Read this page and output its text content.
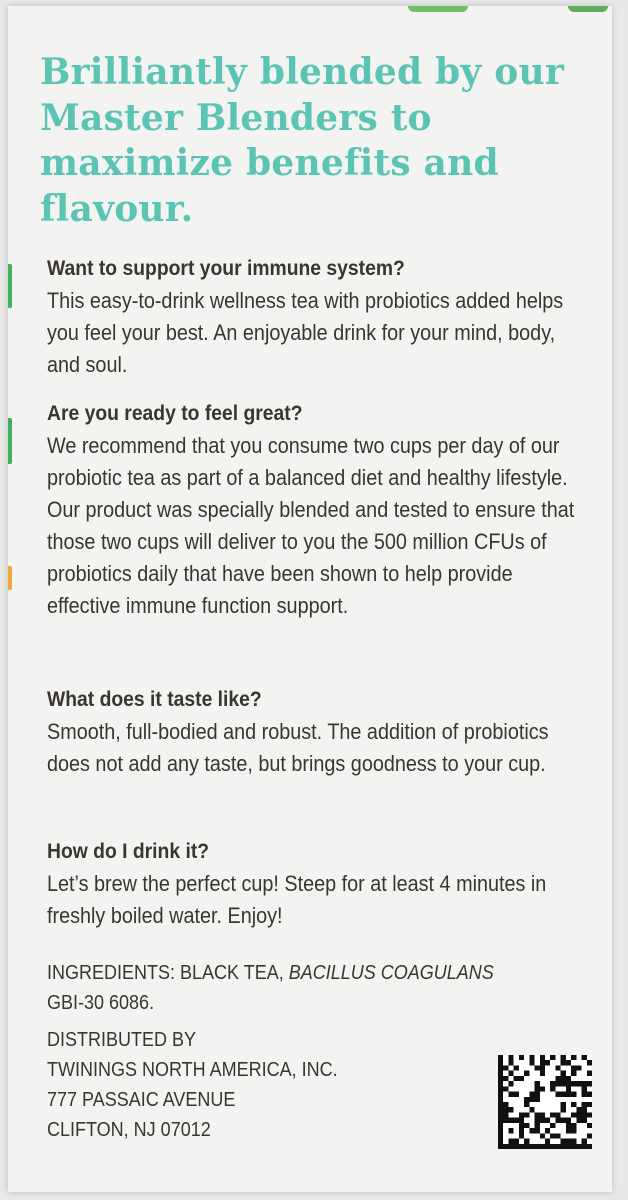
Brilliantly blended by our Master Blenders to maximize benefits and flavour.
Want to support your immune system?

This easy-to-drink wellness tea with probiotics added helps you feel your best. An enjoyable drink for your mind, body, and soul.

Are you ready to feel great?

We recommend that you consume two cups per day of our probiotic tea as part of a balanced diet and healthy lifestyle. Our product was specially blended and tested to ensure that those two cups will deliver to you the 500 million CFUs of probiotics daily that have been shown to help provide effective immune function support.

What does it taste like?

Smooth, full-bodied and robust. The addition of probiotics does not add any taste, but brings goodness to your cup.

How do I drink it?

Let’s brew the perfect cup! Steep for at least 4 minutes in freshly boiled water. Enjoy!

INGREDIENTS: BLACK TEA, BACILLUS COAGULANS
GBI-30 6086.
DISTRIBUTED BY
TWININGS NORTH AMERICA, INC.
777 PASSAIC AVENUE
CLIFTON, NJ 07012
